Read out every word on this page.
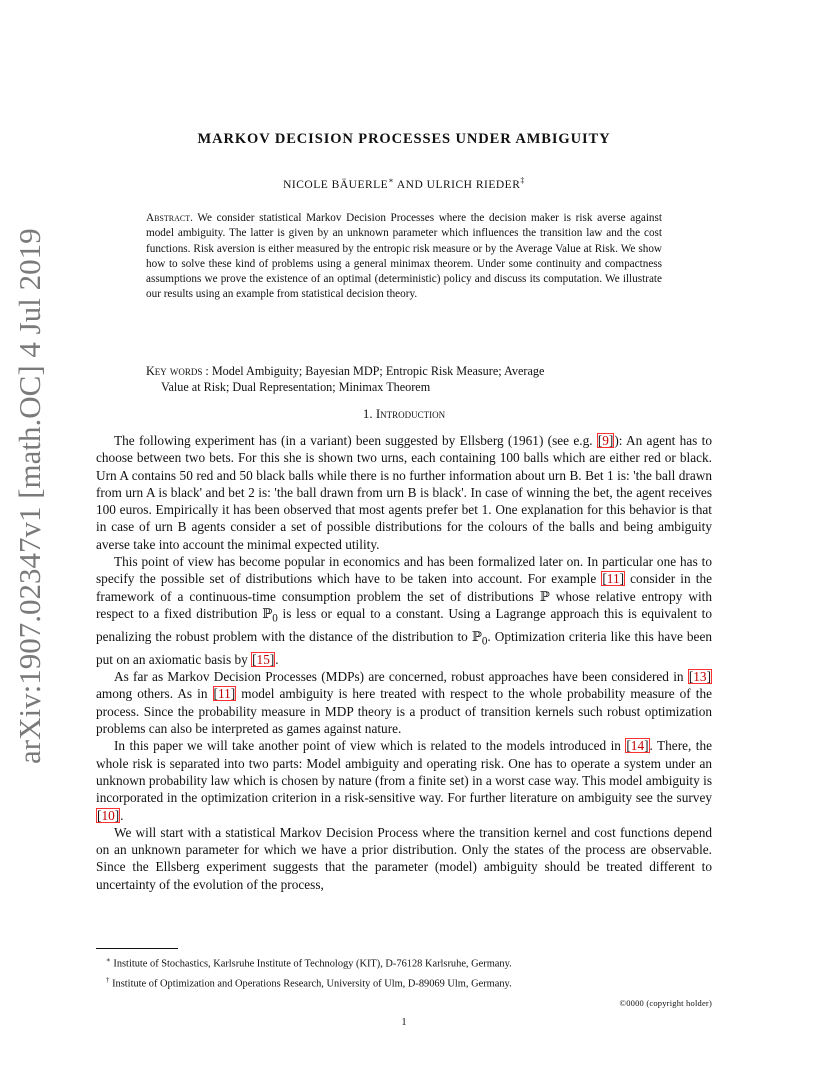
arXiv:1907.02347v1 [math.OC] 4 Jul 2019
MARKOV DECISION PROCESSES UNDER AMBIGUITY
NICOLE BÄUERLE∗ AND ULRICH RIEDER‡
Abstract. We consider statistical Markov Decision Processes where the decision maker is risk averse against model ambiguity. The latter is given by an unknown parameter which influences the transition law and the cost functions. Risk aversion is either measured by the entropic risk measure or by the Average Value at Risk. We show how to solve these kind of problems using a general minimax theorem. Under some continuity and compactness assumptions we prove the existence of an optimal (deterministic) policy and discuss its computation. We illustrate our results using an example from statistical decision theory.
Key words : Model Ambiguity; Bayesian MDP; Entropic Risk Measure; Average
Value at Risk; Dual Representation; Minimax Theorem
1. Introduction

The following experiment has (in a variant) been suggested by Ellsberg (1961) (see e.g. [ 9 ] ): An agent has to choose between two bets. For this she is shown two urns, each containing 100 balls which are either red or black. Urn A contains 50 red and 50 black balls while there is no further information about urn B. Bet 1 is: 'the ball drawn from urn A is black' and bet 2 is: 'the ball drawn from urn B is black'. In case of winning the bet, the agent receives 100 euros. Empirically it has been observed that most agents prefer bet 1. One explanation for this behavior is that in case of urn B agents consider a set of possible distributions for the colours of the balls and being ambiguity averse take into account the minimal expected utility.

This point of view has become popular in economics and has been formalized later on. In particular one has to specify the possible set of distributions which have to be taken into account. For example [ 11 ] consider in the framework of a continuous-time consumption problem the set of distributions ℙ whose relative entropy with respect to a fixed distribution ℙ$_0$ is less or equal to a constant. Using a Lagrange approach this is equivalent to penalizing the robust problem with the distance of the distribution to ℙ$_0$. Optimization criteria like this have been put on an axiomatic basis by [ 15 ] .

As far as Markov Decision Processes (MDPs) are concerned, robust approaches have been considered in [ 13 ] among others. As in [ 11 ] model ambiguity is here treated with respect to the whole probability measure of the process. Since the probability measure in MDP theory is a product of transition kernels such robust optimization problems can also be interpreted as games against nature.

In this paper we will take another point of view which is related to the models introduced in [ 14 ] . There, the whole risk is separated into two parts: Model ambiguity and operating risk. One has to operate a system under an unknown probability law which is chosen by nature (from a finite set) in a worst case way. This model ambiguity is incorporated in the optimization criterion in a risk-sensitive way. For further literature on ambiguity see the survey [ 10 ] .

We will start with a statistical Markov Decision Process where the transition kernel and cost functions depend on an unknown parameter for which we have a prior distribution. Only the states of the process are observable. Since the Ellsberg experiment suggests that the parameter (model) ambiguity should be treated different to uncertainty of the evolution of the process,

∗ Institute of Stochastics, Karlsruhe Institute of Technology (KIT), D-76128 Karlsruhe, Germany.
† Institute of Optimization and Operations Research, University of Ulm, D-89069 Ulm, Germany.
©0000 (copyright holder)
1
